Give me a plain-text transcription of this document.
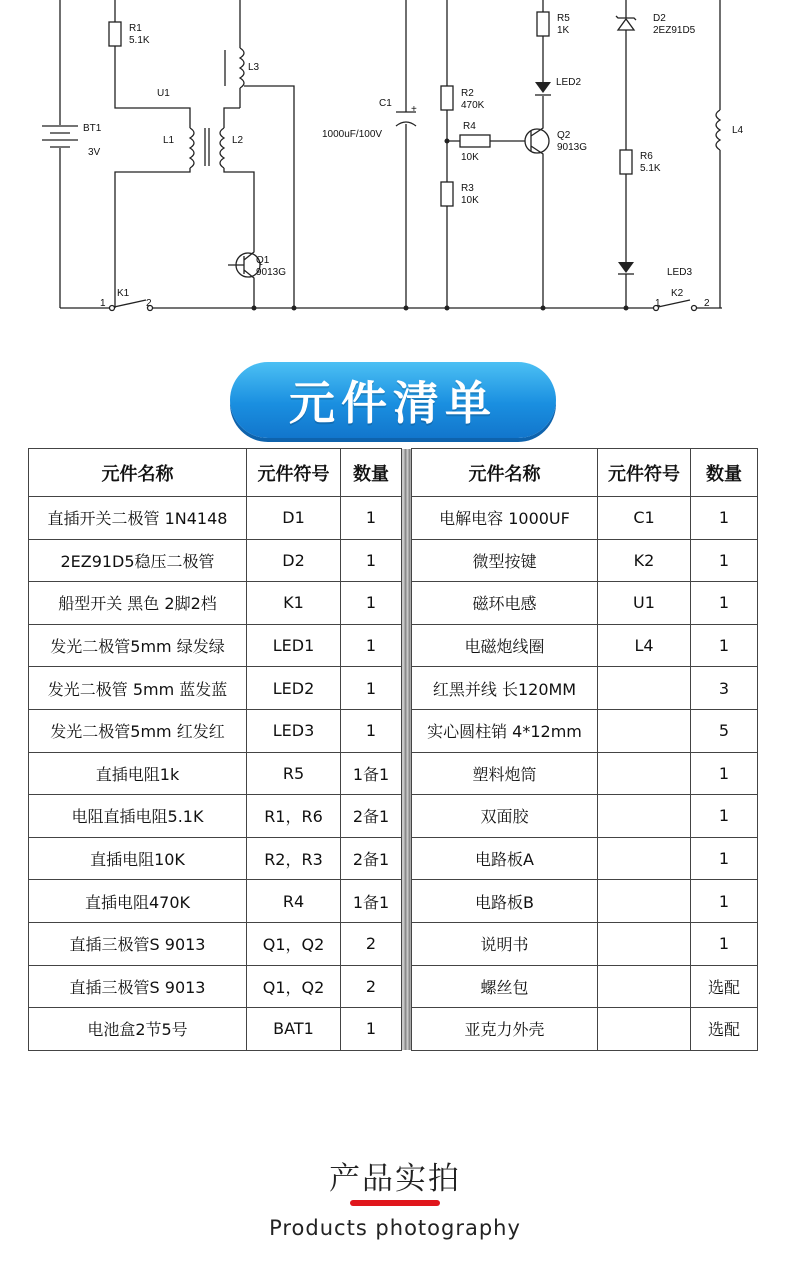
BT1
3V
R1
5.1K
U1
L1	L2
L3
Q1
9013G
K1
1	2
C1
1000uF/100V
+
R2
470K
R4
10K
R3
10K
R5
1K
LED2
Q2
9013G
D2
2EZ91D5
R6
5.1K
LED3
L4
K2
1	2
元件清单
元件名称	元件符号	数量		元件名称	元件符号	数量
直插开关二极管 1N4148	D1	1		电解电容 1000UF	C1	1
2EZ91D5稳压二极管	D2	1		微型按键	K2	1
船型开关 黑色 2脚2档	K1	1		磁环电感	U1	1
发光二极管5mm 绿发绿	LED1	1		电磁炮线圈	L4	1
发光二极管 5mm 蓝发蓝	LED2	1		红黑并线 长120MM		3
发光二极管5mm 红发红	LED3	1		实心圆柱销 4*12mm		5
直插电阻1k	R5	1备1		塑料炮筒		1
电阻直插电阻5.1K	R1，R6	2备1		双面胶		1
直插电阻10K	R2，R3	2备1		电路板A		1
直插电阻470K	R4	1备1		电路板B		1
直插三极管S 9013	Q1，Q2	2		说明书		1
直插三极管S 9013	Q1，Q2	2		螺丝包		选配
电池盒2节5号	BAT1	1		亚克力外壳		选配
产品实拍
Products photography
